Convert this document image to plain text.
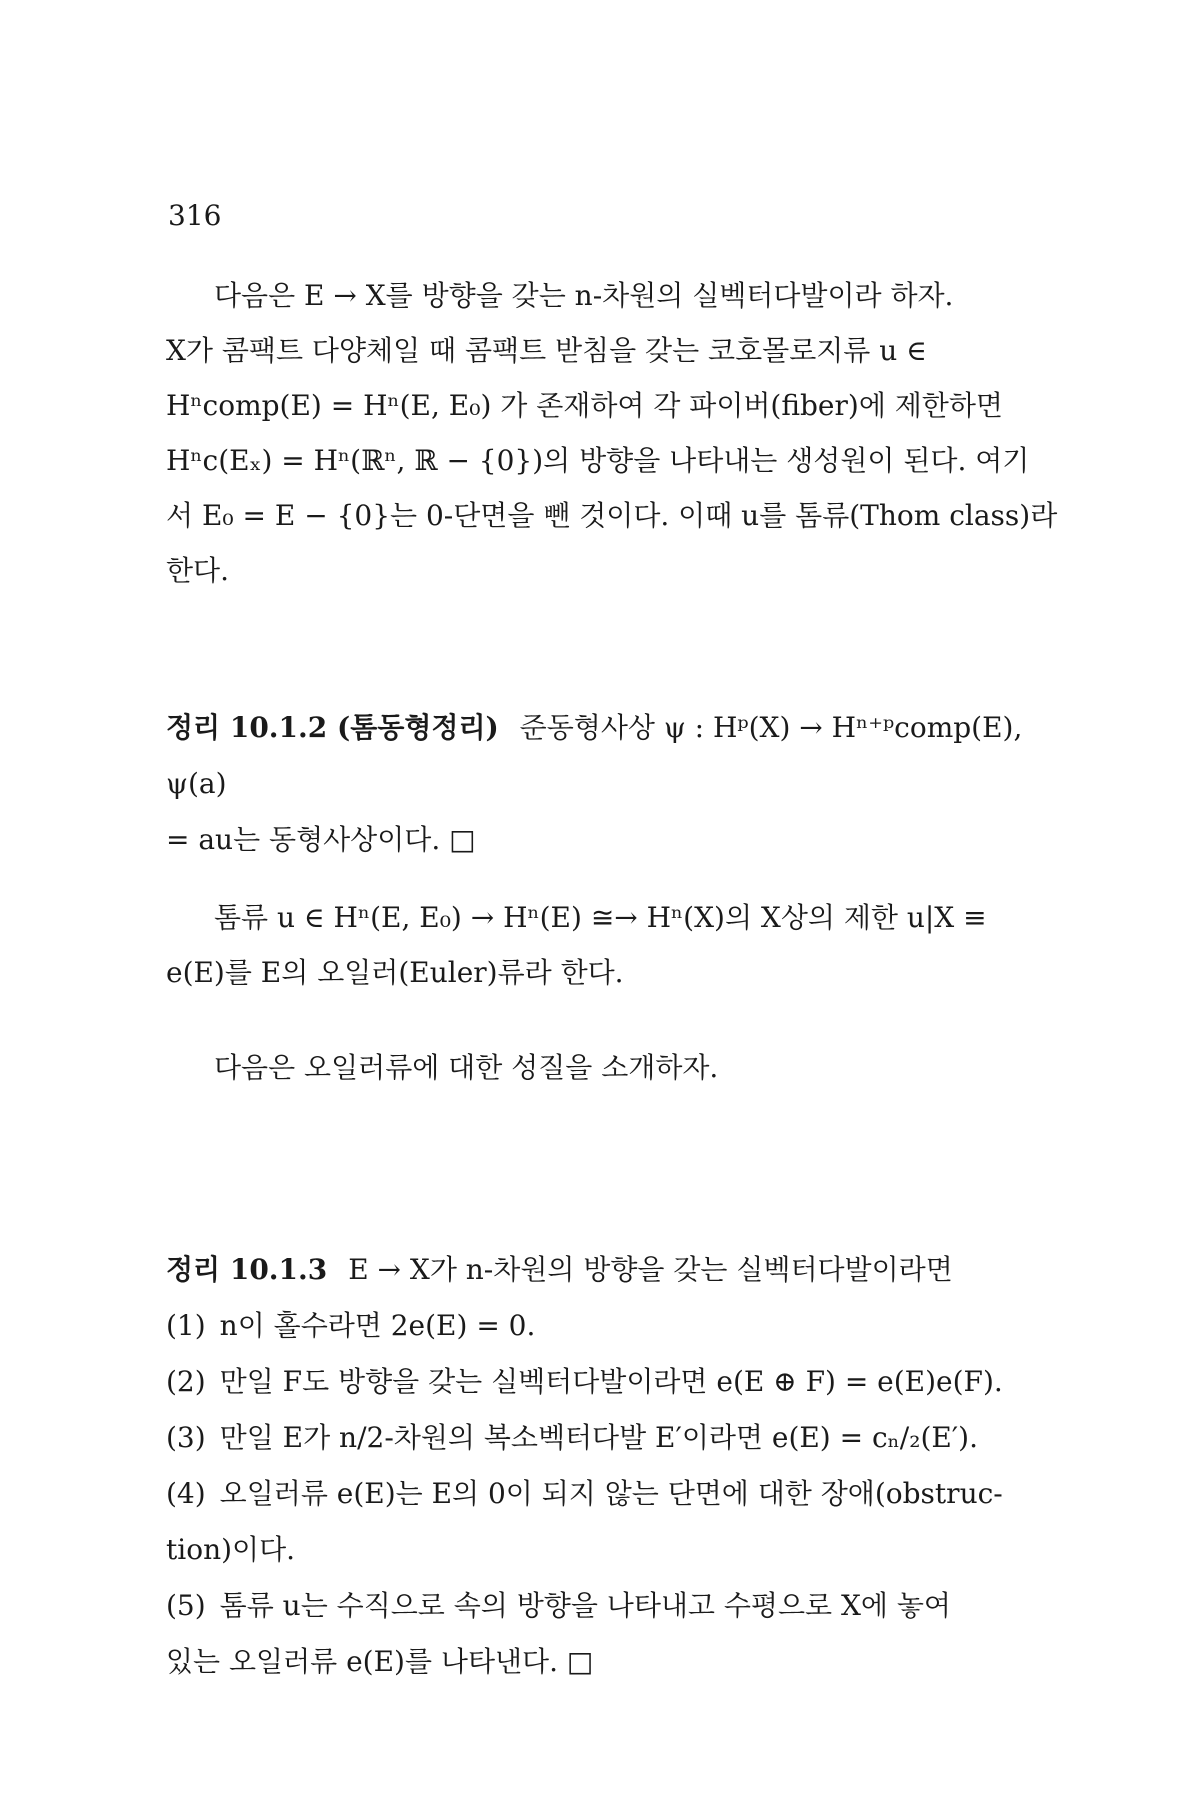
316
다음은 E → X를 방향을 갖는 n-차원의 실벡터다발이라 하자.
X가 콤팩트 다양체일 때 콤팩트 받침을 갖는 코호몰로지류 u ∈
Hⁿcomp(E) = Hⁿ(E, E₀) 가 존재하여 각 파이버(fiber)에 제한하면
Hⁿc(Eₓ) = Hⁿ(ℝⁿ, ℝ − {0})의 방향을 나타내는 생성원이 된다. 여기
서 E₀ = E − {0}는 0-단면을 뺀 것이다. 이때 u를 톰류(Thom class)라
한다.
정리 10.1.2 (톰동형정리) 준동형사상 ψ : Hᵖ(X) → Hⁿ⁺ᵖcomp(E), ψ(a)
= au는 동형사상이다. □
톰류 u ∈ Hⁿ(E, E₀) → Hⁿ(E) ≅→ Hⁿ(X)의 X상의 제한 u|X ≡
e(E)를 E의 오일러(Euler)류라 한다.
다음은 오일러류에 대한 성질을 소개하자.
정리 10.1.3 E → X가 n-차원의 방향을 갖는 실벡터다발이라면
(1) n이 홀수라면 2e(E) = 0.
(2) 만일 F도 방향을 갖는 실벡터다발이라면 e(E ⊕ F) = e(E)e(F).
(3) 만일 E가 n/2-차원의 복소벡터다발 E′이라면 e(E) = cₙ/₂(E′).
(4) 오일러류 e(E)는 E의 0이 되지 않는 단면에 대한 장애(obstruc-
tion)이다.
(5) 톰류 u는 수직으로 속의 방향을 나타내고 수평으로 X에 놓여
있는 오일러류 e(E)를 나타낸다. □
